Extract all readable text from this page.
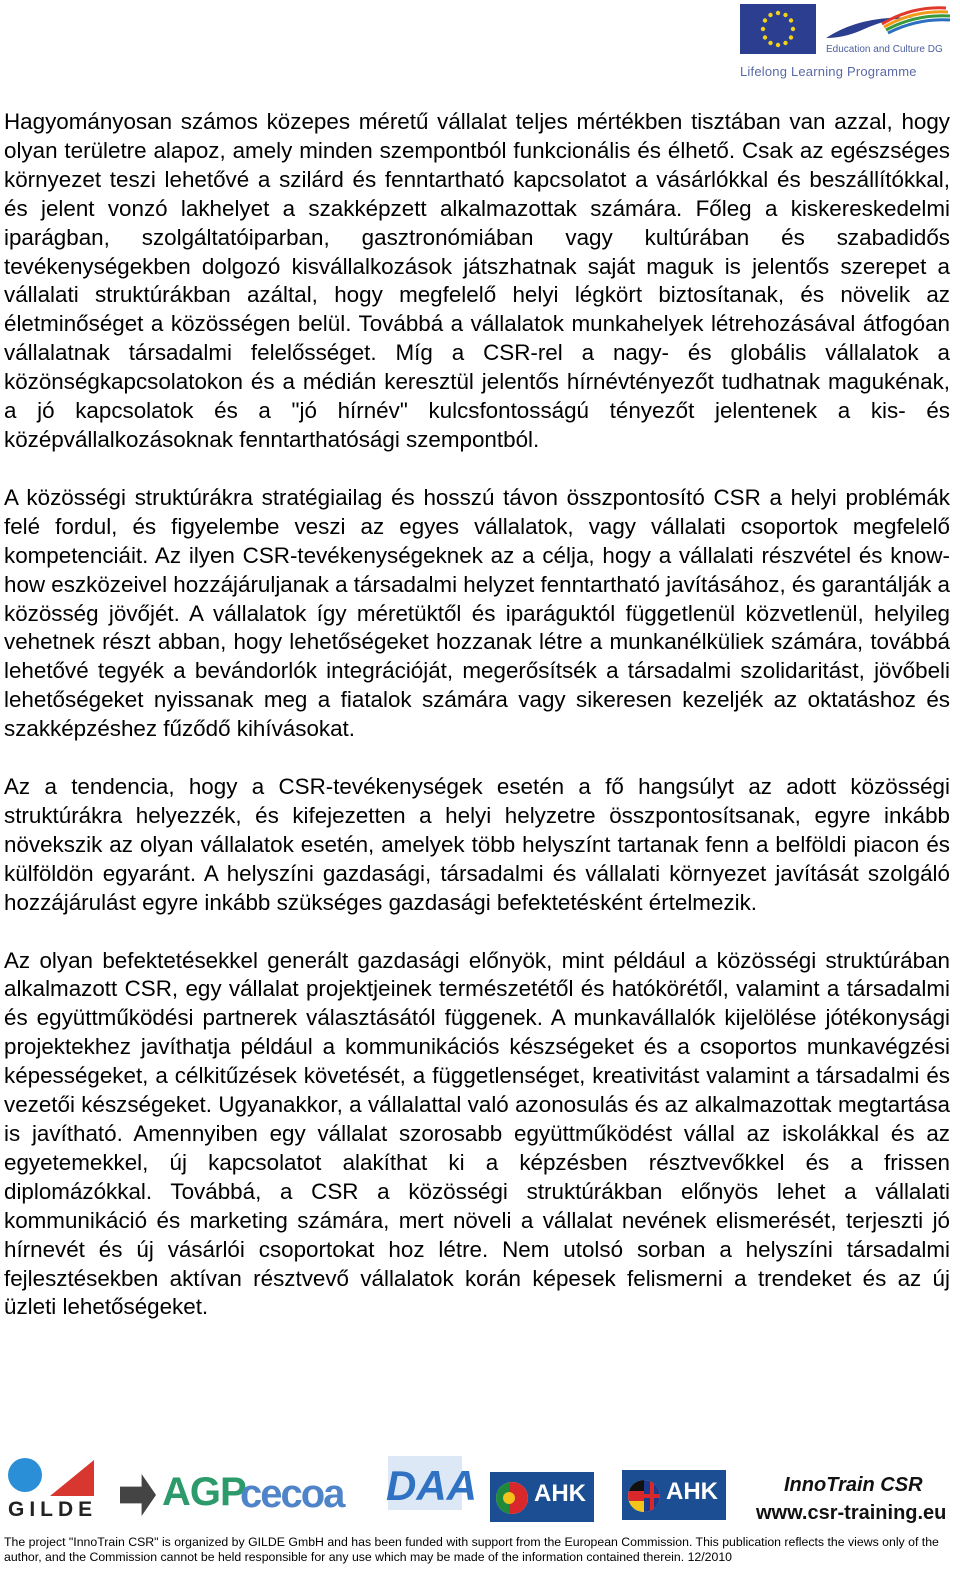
Education and Culture DG
Lifelong Learning Programme

Hagyományosan számos közepes méretű vállalat teljes mértékben tisztában van azzal, hogy olyan területre alapoz, amely minden szempontból funkcionális és élhető. Csak az egészséges környezet teszi lehetővé a szilárd és fenntartható kapcsolatot a vásárlókkal és beszállítókkal, és jelent vonzó lakhelyet a szakképzett alkalmazottak számára. Főleg a kiskereskedelmi iparágban, szolgáltatóiparban, gasztronómiában vagy kultúrában és szabadidős tevékenységekben dolgozó kisvállalkozások játszhatnak saját maguk is jelentős szerepet a vállalati struktúrákban azáltal, hogy megfelelő helyi légkört biztosítanak, és növelik az életminőséget a közösségen belül. Továbbá a vállalatok munkahelyek létrehozásával átfogóan vállalatnak társadalmi felelősséget. Míg a CSR-rel a nagy- és globális vállalatok a közönségkapcsolatokon és a médián keresztül jelentős hírnévtényezőt tudhatnak magukénak, a jó kapcsolatok és a "jó hírnév" kulcsfontosságú tényezőt jelentenek a kis- és középvállalkozásoknak fenntarthatósági szempontból.

A közösségi struktúrákra stratégiailag és hosszú távon összpontosító CSR a helyi problémák felé fordul, és figyelembe veszi az egyes vállalatok, vagy vállalati csoportok megfelelő kompetenciáit. Az ilyen CSR-tevékenységeknek az a célja, hogy a vállalati részvétel és know-how eszközeivel hozzájáruljanak a társadalmi helyzet fenntartható javításához, és garantálják a közösség jövőjét. A vállalatok így méretüktől és iparáguktól függetlenül közvetlenül, helyileg vehetnek részt abban, hogy lehetőségeket hozzanak létre a munkanélküliek számára, továbbá lehetővé tegyék a bevándorlók integrációját, megerősítsék a társadalmi szolidaritást, jövőbeli lehetőségeket nyissanak meg a fiatalok számára vagy sikeresen kezeljék az oktatáshoz és szakképzéshez fűződő kihívásokat.

Az a tendencia, hogy a CSR-tevékenységek esetén a fő hangsúlyt az adott közösségi struktúrákra helyezzék, és kifejezetten a helyi helyzetre összpontosítsanak, egyre inkább növekszik az olyan vállalatok esetén, amelyek több helyszínt tartanak fenn a belföldi piacon és külföldön egyaránt. A helyszíni gazdasági, társadalmi és vállalati környezet javítását szolgáló hozzájárulást egyre inkább szükséges gazdasági befektetésként értelmezik.

Az olyan befektetésekkel generált gazdasági előnyök, mint például a közösségi struktúrában alkalmazott CSR, egy vállalat projektjeinek természetétől és hatókörétől, valamint a társadalmi és együttműködési partnerek választásától függenek. A munkavállalók kijelölése jótékonysági projektekhez javíthatja például a kommunikációs készségeket és a csoportos munkavégzési képességeket, a célkitűzések követését, a függetlenséget, kreativitást valamint a társadalmi és vezetői készségeket. Ugyanakkor, a vállalattal való azonosulás és az alkalmazottak megtartása is javítható. Amennyiben egy vállalat szorosabb együttműködést vállal az iskolákkal és az egyetemekkel, új kapcsolatot alakíthat ki a képzésben résztvevőkkel és a frissen diplomázókkal. Továbbá, a CSR a közösségi struktúrákban előnyös lehet a vállalati kommunikáció és marketing számára, mert növeli a vállalat nevének elismerését, terjeszti jó hírnevét és új vásárlói csoportokat hoz létre. Nem utolsó sorban a helyszíni társadalmi fejlesztésekben aktívan résztvevő vállalatok korán képesek felismerni a trendeket és az új üzleti lehetőségeket.

GILDE AGP
cecoa DAA AHK	AHK	InnoTrain CSR
www.csr-training.eu
The project "InnoTrain CSR" is organized by GILDE GmbH and has been funded with support from the European Commission. This publication reflects the views only of the author, and the Commission cannot be held responsible for any use which may be made of the information contained therein. 12/2010
